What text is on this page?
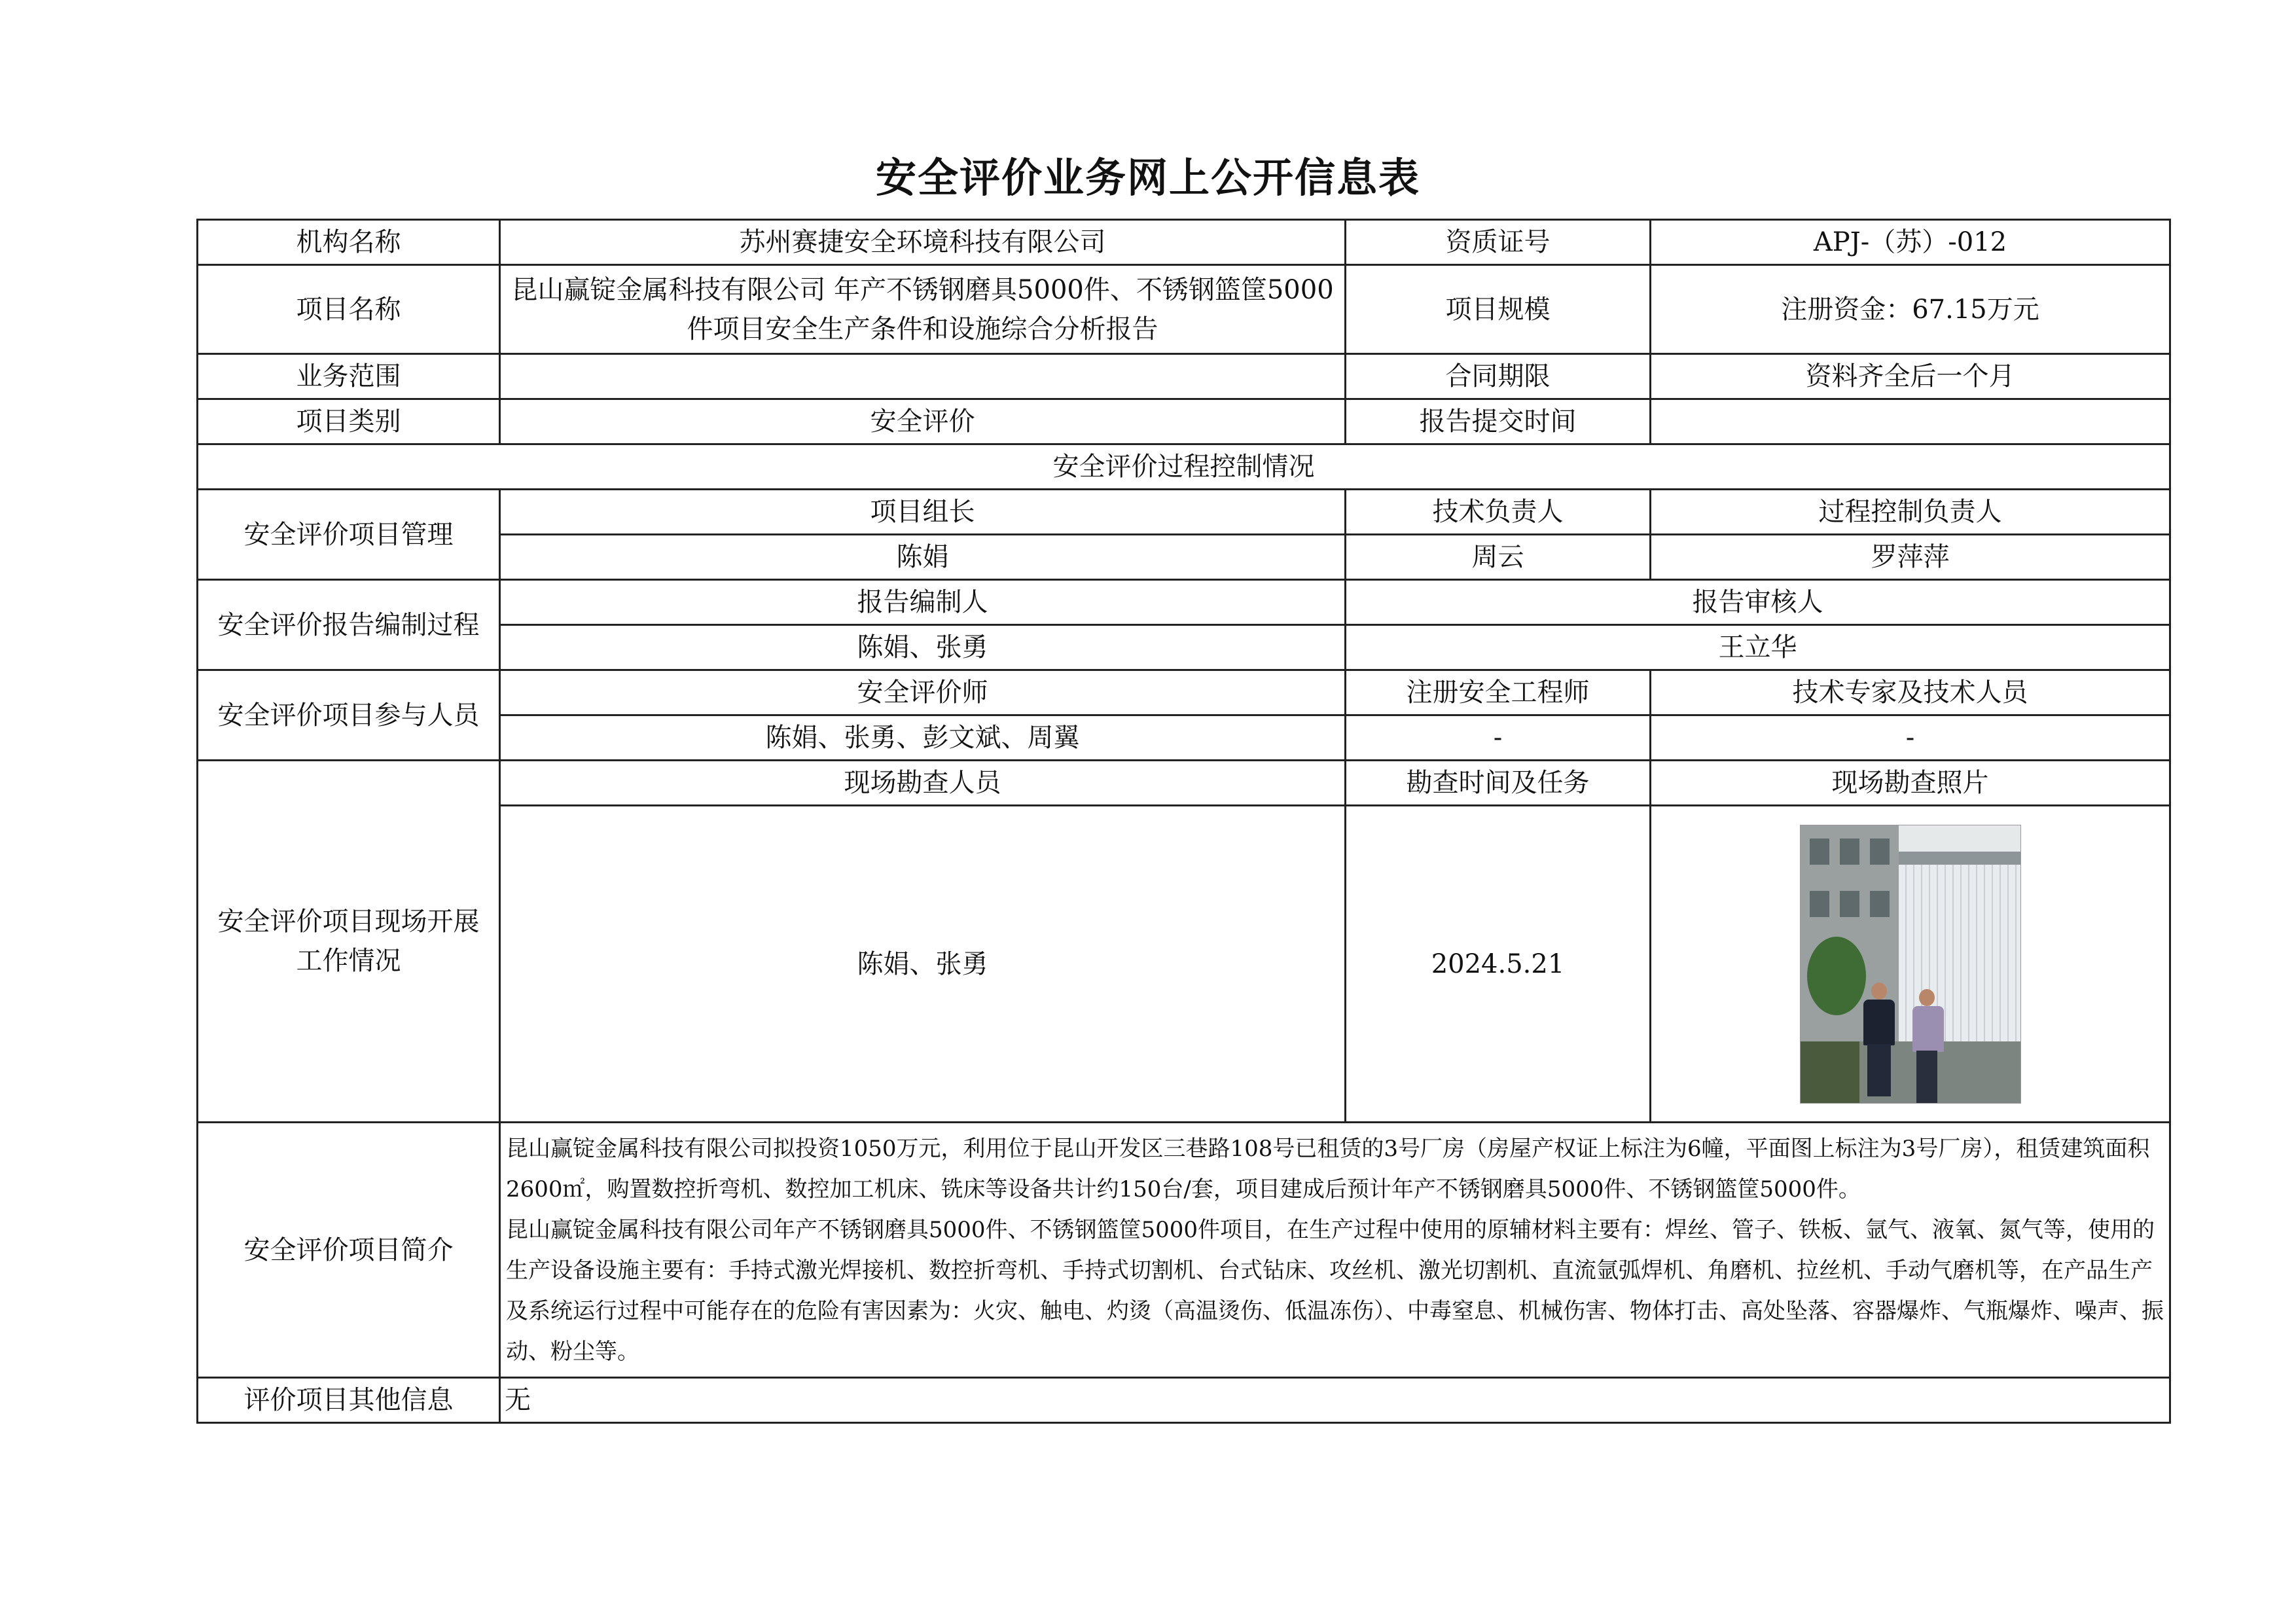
安全评价业务网上公开信息表
机构名称	苏州赛捷安全环境科技有限公司	资质证号	APJ-（苏）-012
项目名称	昆山赢锭金属科技有限公司 年产不锈钢磨具5000件、不锈钢篮筐5000件项目安全生产条件和设施综合分析报告	项目规模	注册资金：67.15万元
业务范围		合同期限	资料齐全后一个月
项目类别	安全评价	报告提交时间	
安全评价过程控制情况			
安全评价项目管理	项目组长	技术负责人	过程控制负责人
	陈娟	周云	罗萍萍
安全评价报告编制过程	报告编制人	报告审核人	
	陈娟、张勇	王立华	
安全评价项目参与人员	安全评价师	注册安全工程师	技术专家及技术人员
	陈娟、张勇、彭文斌、周翼	-	-
安全评价项目现场开展工作情况	现场勘查人员	勘查时间及任务	现场勘查照片
	陈娟、张勇	2024.5.21	

安全评价项目简介	昆山赢锭金属科技有限公司拟投资1050万元，利用位于昆山开发区三巷路108号已租赁的3号厂房（房屋产权证上标注为6幢，平面图上标注为3号厂房），租赁建筑面积2600㎡，购置数控折弯机、数控加工机床、铣床等设备共计约150台/套，项目建成后预计年产不锈钢磨具5000件、不锈钢篮筐5000件。
昆山赢锭金属科技有限公司年产不锈钢磨具5000件、不锈钢篮筐5000件项目，在生产过程中使用的原辅材料主要有：焊丝、管子、铁板、氩气、液氧、氮气等，使用的生产设备设施主要有：手持式激光焊接机、数控折弯机、手持式切割机、台式钻床、攻丝机、激光切割机、直流氩弧焊机、角磨机、拉丝机、手动气磨机等，在产品生产及系统运行过程中可能存在的危险有害因素为：火灾、触电、灼烫（高温烫伤、低温冻伤）、中毒窒息、机械伤害、物体打击、高处坠落、容器爆炸、气瓶爆炸、噪声、振动、粉尘等。		

评价项目其他信息	无		
